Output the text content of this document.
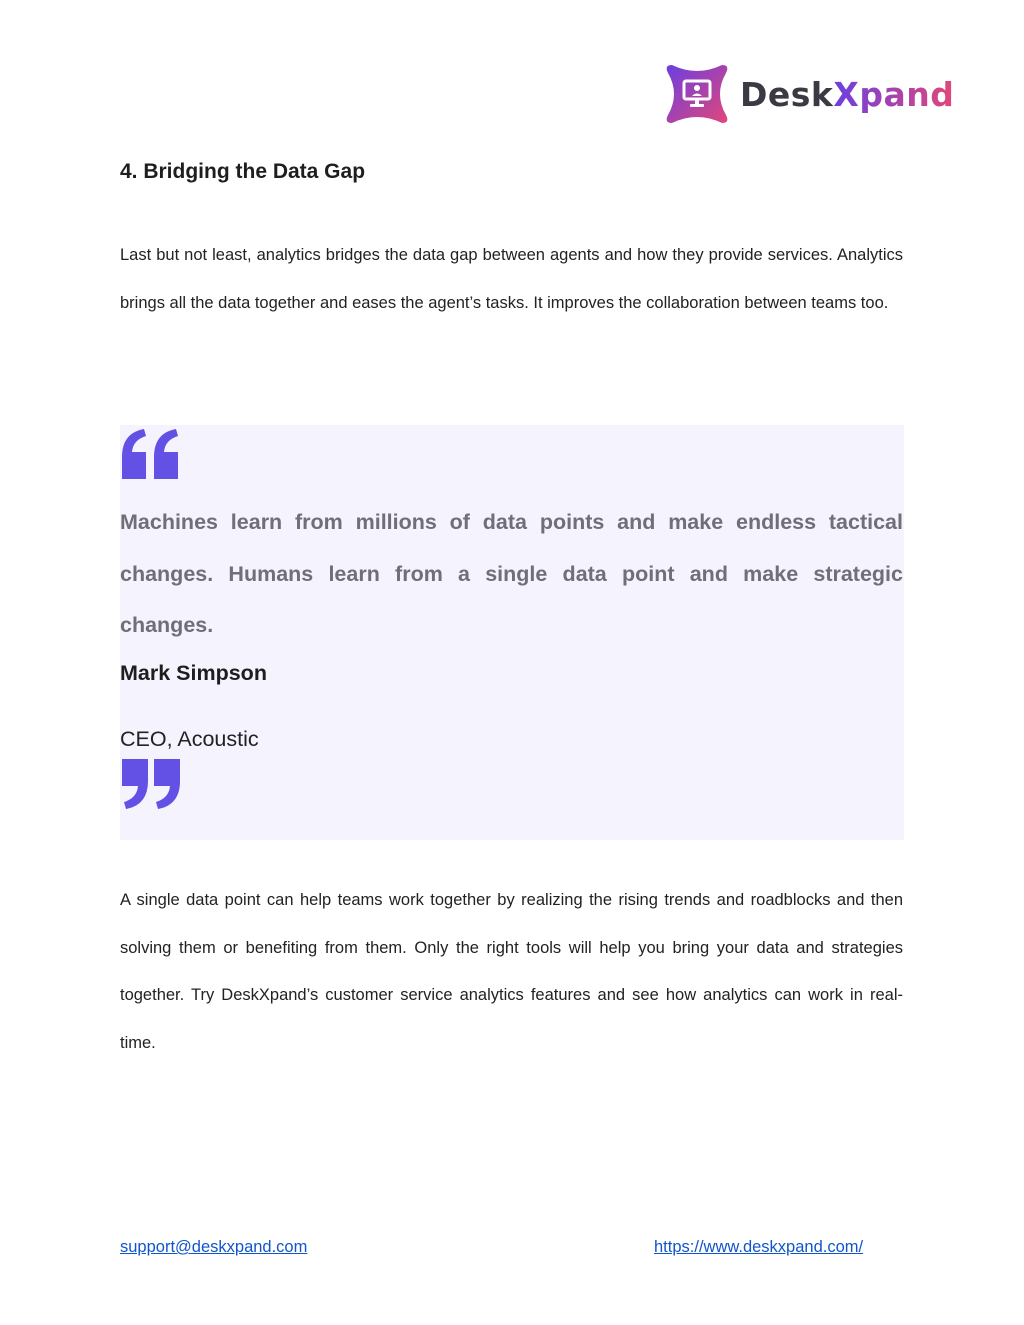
DeskXpand
4. Bridging the Data Gap

Last but not least, analytics bridges the data gap between agents and how they provide services. Analytics brings all the data together and eases the agent’s tasks. It improves the collaboration between teams too.

Machines learn from millions of data points and make endless tactical changes. Humans learn from a single data point and make strategic changes.

Mark Simpson

CEO, Acoustic

A single data point can help teams work together by realizing the rising trends and roadblocks and then solving them or benefiting from them. Only the right tools will help you bring your data and strategies together. Try DeskXpand’s customer service analytics features and see how analytics can work in real-time.

support@deskxpand.com	https://www.deskxpand.com/
